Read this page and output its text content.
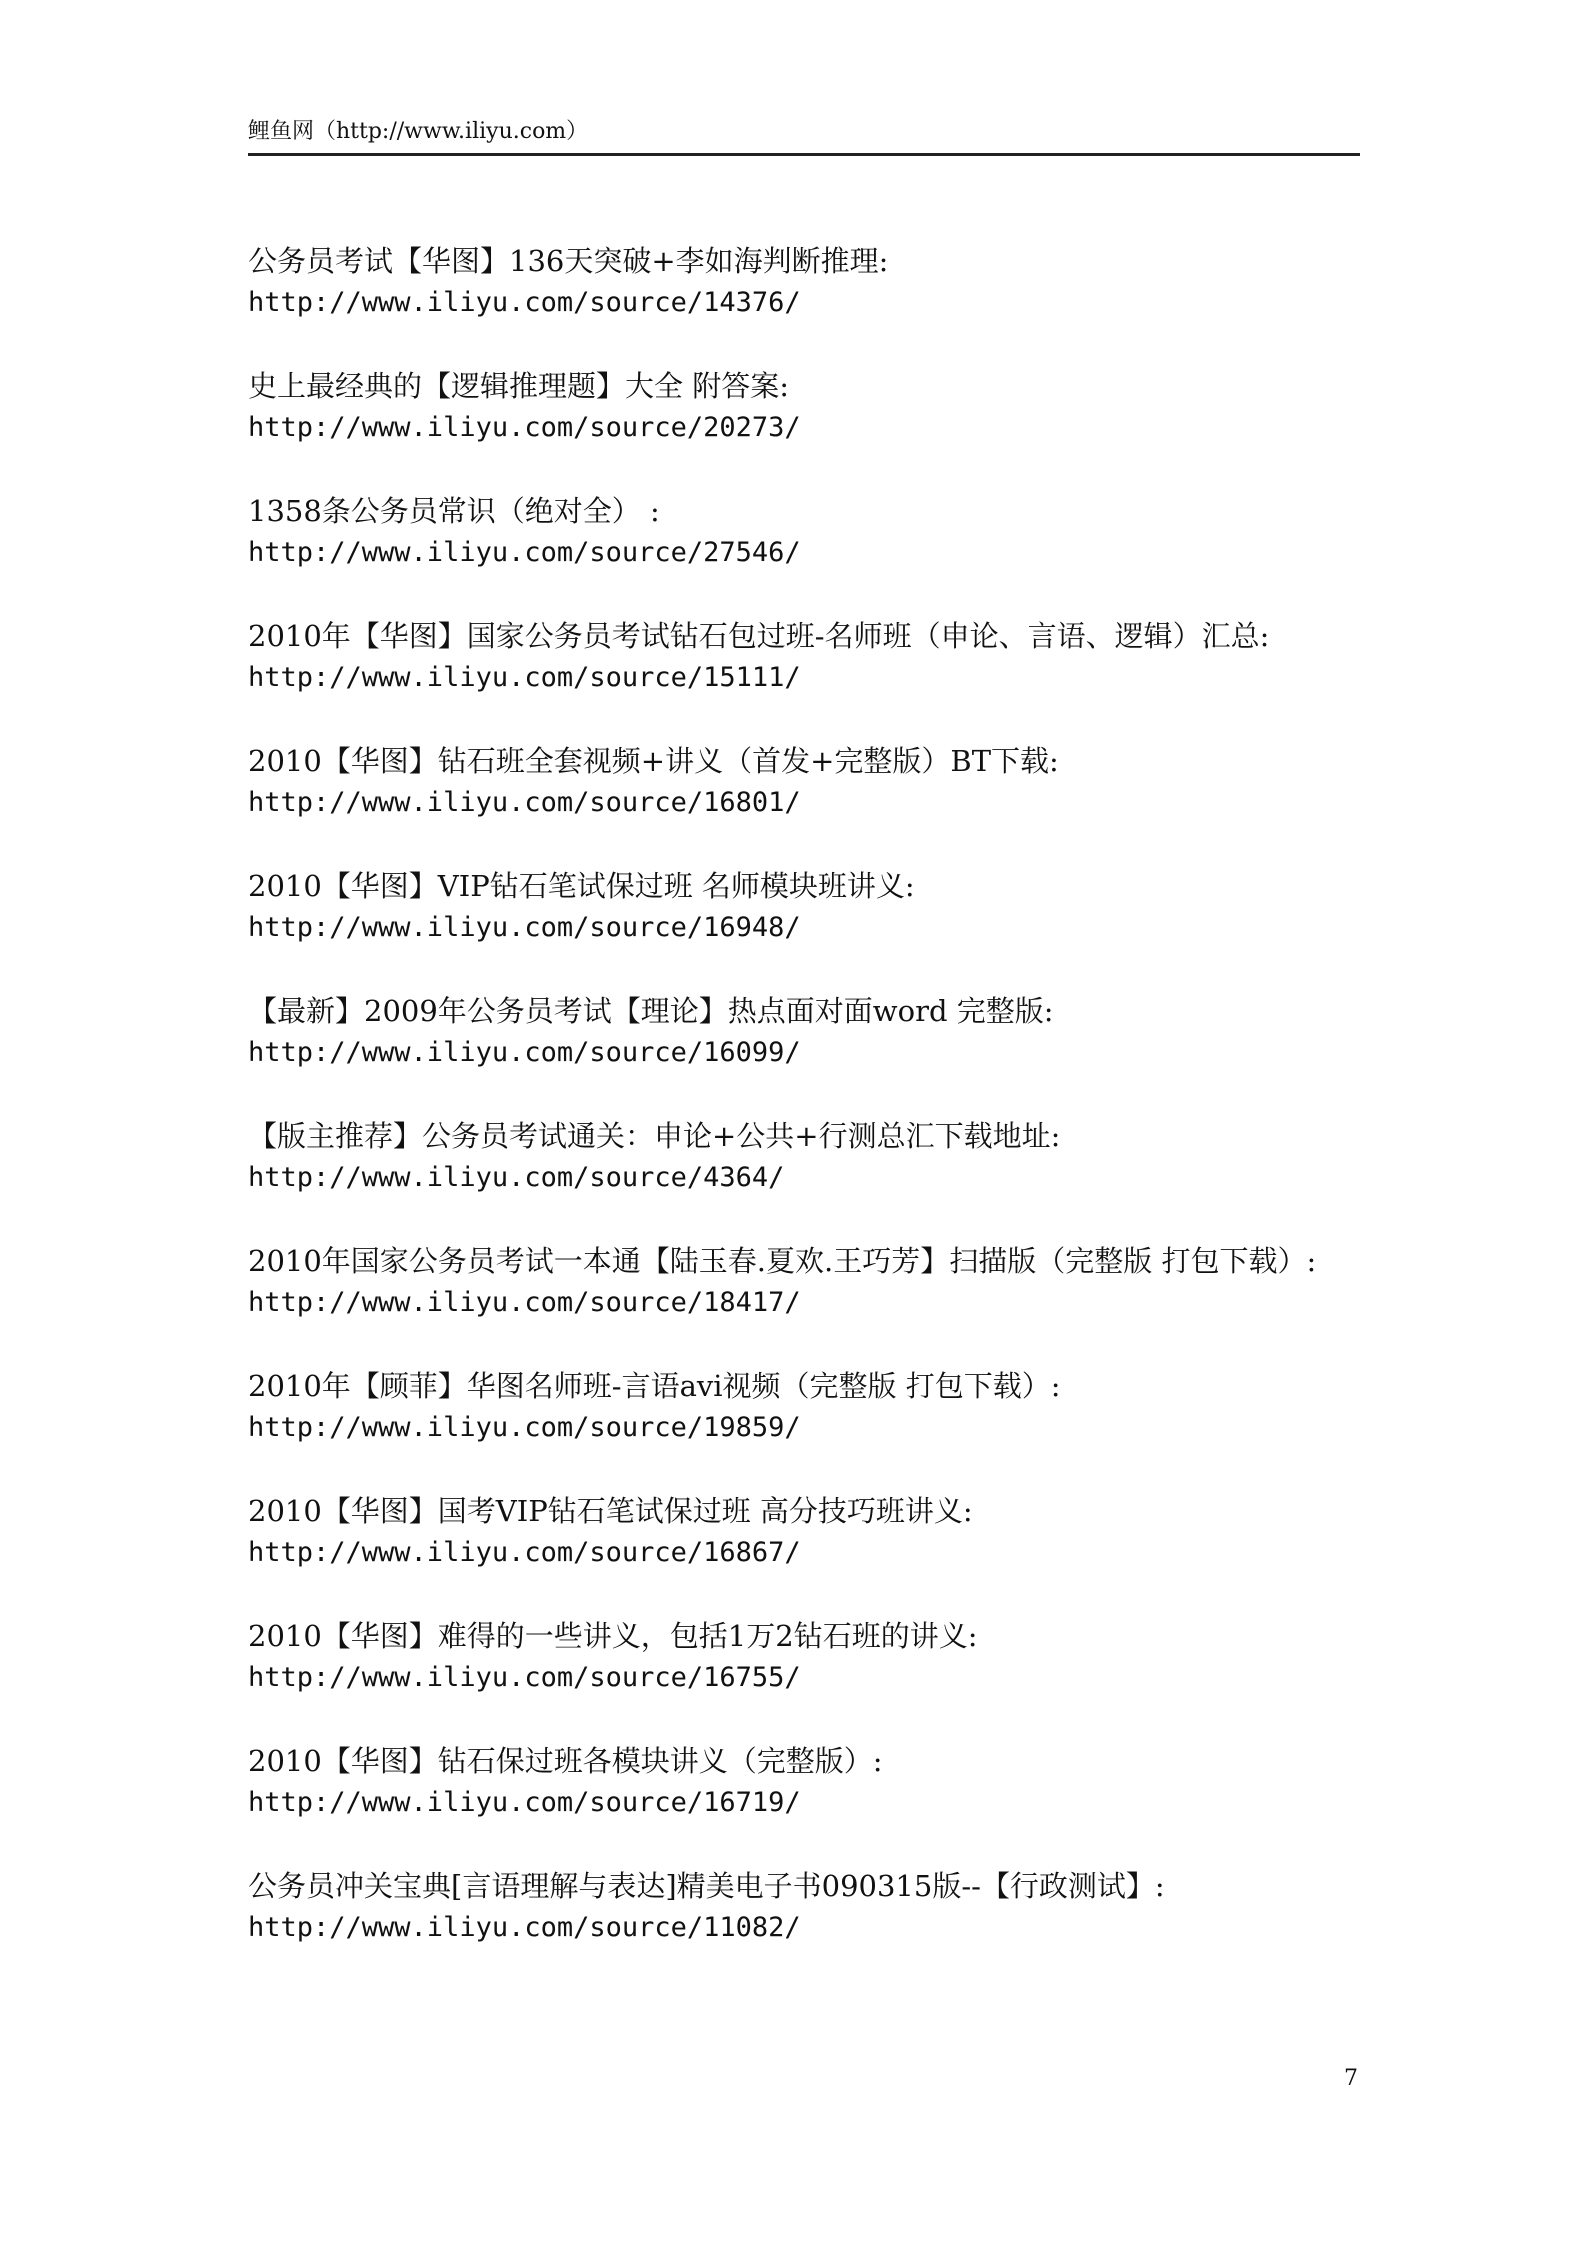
鲤鱼网（http://www.iliyu.com）
公务员考试【华图】136天突破+李如海判断推理:
http://www.iliyu.com/source/14376/
史上最经典的【逻辑推理题】大全 附答案:
http://www.iliyu.com/source/20273/
1358条公务员常识（绝对全） :
http://www.iliyu.com/source/27546/
2010年【华图】国家公务员考试钻石包过班-名师班（申论、言语、逻辑）汇总:
http://www.iliyu.com/source/15111/
2010【华图】钻石班全套视频+讲义（首发+完整版）BT下载:
http://www.iliyu.com/source/16801/
2010【华图】VIP钻石笔试保过班 名师模块班讲义:
http://www.iliyu.com/source/16948/
【最新】2009年公务员考试【理论】热点面对面word 完整版:
http://www.iliyu.com/source/16099/
【版主推荐】公务员考试通关：申论+公共+行测总汇下载地址:
http://www.iliyu.com/source/4364/
2010年国家公务员考试一本通【陆玉春.夏欢.王巧芳】扫描版（完整版 打包下载）:
http://www.iliyu.com/source/18417/
2010年【顾菲】华图名师班-言语avi视频（完整版 打包下载）:
http://www.iliyu.com/source/19859/
2010【华图】国考VIP钻石笔试保过班 高分技巧班讲义:
http://www.iliyu.com/source/16867/
2010【华图】难得的一些讲义，包括1万2钻石班的讲义:
http://www.iliyu.com/source/16755/
2010【华图】钻石保过班各模块讲义（完整版）:
http://www.iliyu.com/source/16719/
公务员冲关宝典[言语理解与表达]精美电子书090315版--【行政测试】:
http://www.iliyu.com/source/11082/
7
